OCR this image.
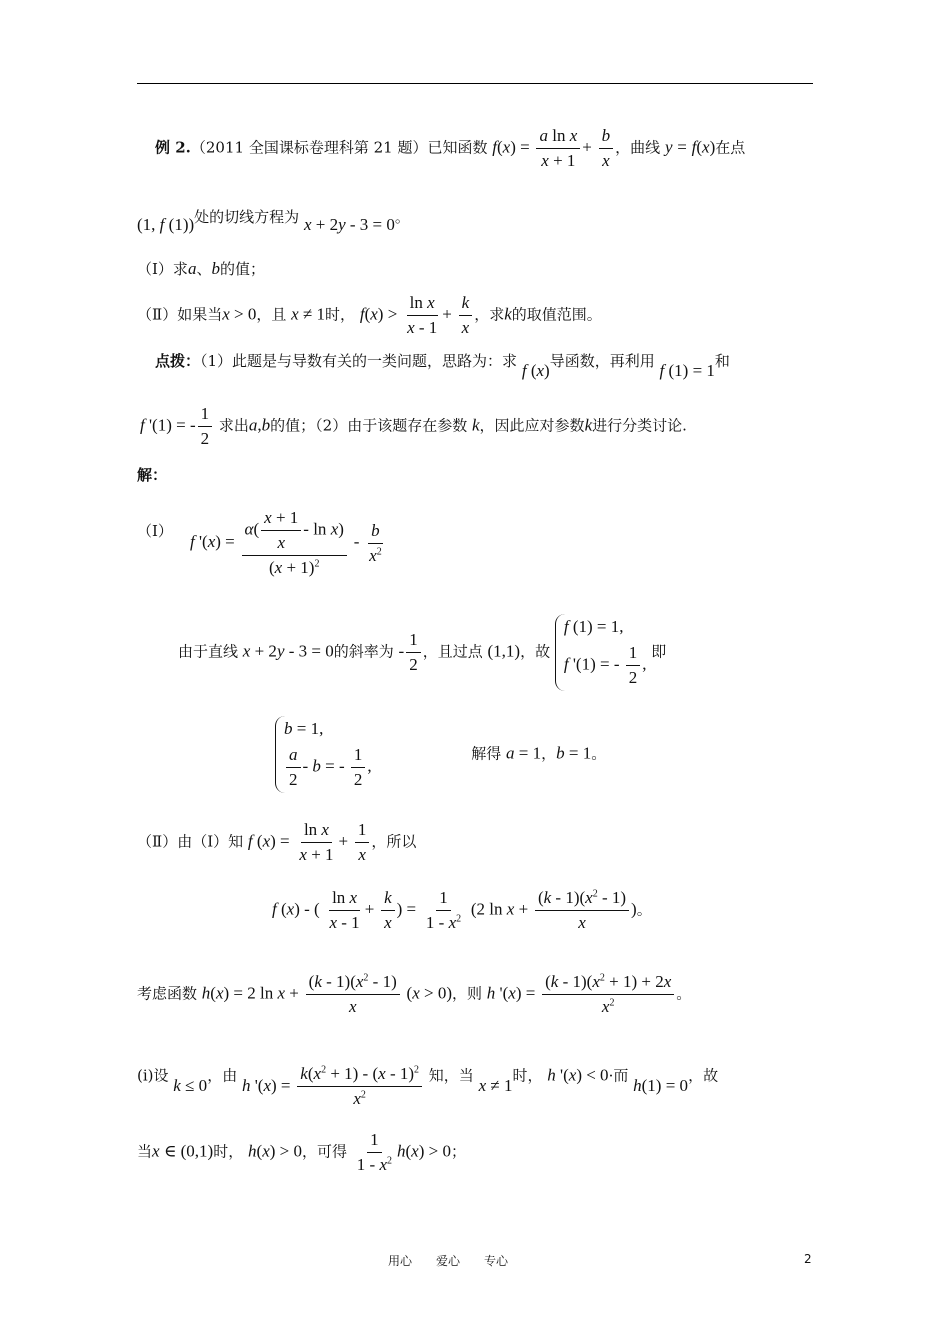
例 2.（2011 全国课标卷理科第 21 题）已知函数 $f(x) = \frac{\text{a ln x}}{x + 1} + \frac{b}{x}$ ，曲线 y = f(x)在点
(1, f (1))处的切线方程为 x + 2y - 3 = 0。
（Ⅰ）求a、b的值；
（Ⅱ）如果当x > 0，且 x ≠ 1时， $f(x) > \frac{\text{ln x}}{x - 1} + \frac{k}{x}$ ，求k的取值范围。
点拨：（1）此题是与导数有关的一类问题，思路为：求 f (x)导函数，再利用 f (1) = 1和
f '(1) = - $\frac{1}{2}$ 求出a,b的值；（2）由于该题存在参数 k，因此应对参数k进行分类讨论.
解：
（Ⅰ）
f '$(x) = \frac{\alpha( \frac{x + 1}{x} - \ln x)}{(x + 1)^2} - \frac{b}{x^2}$
由于直线 x + 2y - 3 = 0的斜率为 - $\frac{1}{2}$ ，且过点 (1,1)，故
f (1) = 1,
f '(1) = - $\frac{1}{2}$ ,
即
b = 1,
$\frac{a}{2}$ - b = - $\frac{1}{2}$ ,
解得 a = 1，b = 1。
（Ⅱ）由（Ⅰ）知 f $(x) = \frac{\text{ln x}}{x + 1} + \frac{1}{x}$ ，所以
f (x) - ( $\frac{\text{ln x}}{x - 1} + \frac{k}{x}$ ) = $\frac{1}{1 - x^2} (2$ $\ln x + \frac{(k - 1)(x^2 - 1)}{x}$ )。
考虑函数 h(x) = 2 $\ln x + \frac{(k - 1)(x^2 - 1)}{x} (x > 0)$，则 h '$(x) = \frac{(k - 1)(x^2 + 1) + 2x}{x^2}$ 。
(i)设 k ≤ 0，由 h '$(x) = \frac{k(x^2 + 1) - (x - 1)^2}{x^2}$ 知，当 x ≠ 1时， h '(x) < 0·而 h(1) = 0，故
当x ∈ (0,1)时， h(x) > 0，可得 $\frac{1}{1 - x^2} h(x) > 0$；
用心　　爱心　　专心	2
